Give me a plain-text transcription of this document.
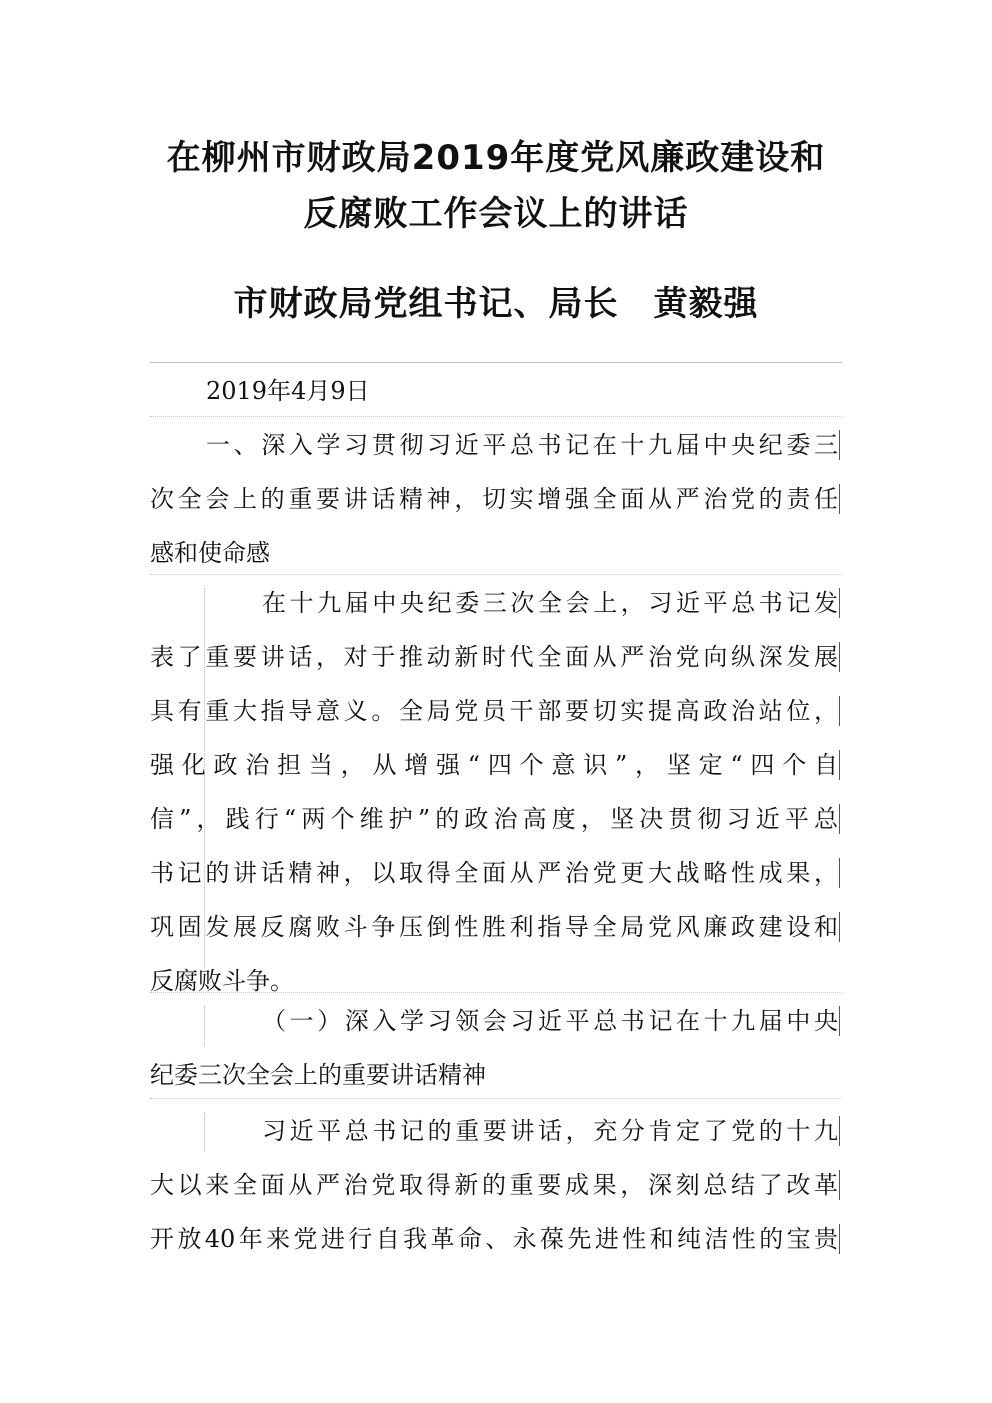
在柳州市财政局2019年度党风廉政建设和
反腐败工作会议上的讲话
市财政局党组书记、局长　黄毅强
2019年4月9日
一、深入学习贯彻习近平总书记在十九届中央纪委三
次全会上的重要讲话精神，切实增强全面从严治党的责任
感和使命感
在十九届中央纪委三次全会上，习近平总书记发
表了重要讲话，对于推动新时代全面从严治党向纵深发展
具有重大指导意义。全局党员干部要切实提高政治站位，
强化政治担当，从增强“四个意识”，坚定“四个自
信”，践行“两个维护”的政治高度，坚决贯彻习近平总
书记的讲话精神，以取得全面从严治党更大战略性成果，
巩固发展反腐败斗争压倒性胜利指导全局党风廉政建设和
反腐败斗争。
（一）深入学习领会习近平总书记在十九届中央
纪委三次全会上的重要讲话精神
习近平总书记的重要讲话，充分肯定了党的十九
大以来全面从严治党取得新的重要成果，深刻总结了改革
开放40年来党进行自我革命、永葆先进性和纯洁性的宝贵
